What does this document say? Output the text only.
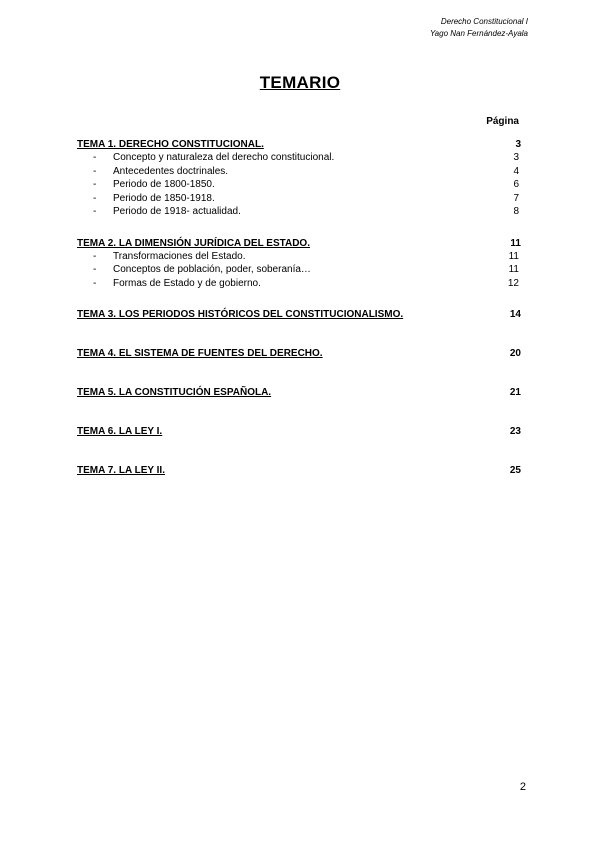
Derecho Constitucional I
Yago Nan Fernández-Ayala
TEMARIO
Página
TEMA 1. DERECHO CONSTITUCIONAL.	3
-	Concepto y naturaleza del derecho constitucional.	3
-	Antecedentes doctrinales.	4
-	Periodo de 1800-1850.	6
-	Periodo de 1850-1918.	7
-	Periodo de 1918- actualidad.	8
TEMA 2. LA DIMENSIÓN JURÍDICA DEL ESTADO.	11
-	Transformaciones del Estado.	11
-	Conceptos de población, poder, soberanía…	11
-	Formas de Estado y de gobierno.	12
TEMA 3. LOS PERIODOS HISTÓRICOS DEL CONSTITUCIONALISMO.	14
TEMA 4. EL SISTEMA DE FUENTES DEL DERECHO.	20
TEMA 5. LA CONSTITUCIÓN ESPAÑOLA.	21
TEMA 6. LA LEY I.	23
TEMA 7. LA LEY II.	25
2
